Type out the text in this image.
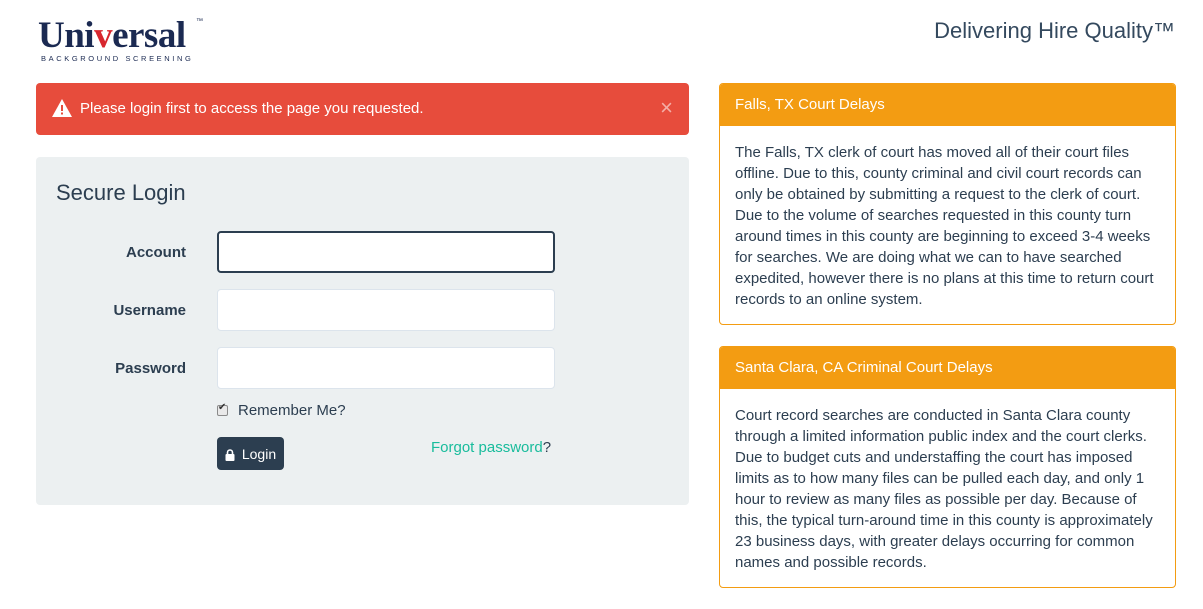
Universal ™
BACKGROUND SCREENING
Delivering Hire Quality™
Please login first to access the page you requested.	×
Secure Login
Account
Username
Password
✔
Remember Me?
Login	Forgot password?
Falls, TX Court Delays
The Falls, TX clerk of court has moved all of their court files offline. Due to this, county criminal and civil court records can only be obtained by submitting a request to the clerk of court. Due to the volume of searches requested in this county turn around times in this county are beginning to exceed 3-4 weeks for searches. We are doing what we can to have searched expedited, however there is no plans at this time to return court records to an online system.
Santa Clara, CA Criminal Court Delays
Court record searches are conducted in Santa Clara county through a limited information public index and the court clerks. Due to budget cuts and understaffing the court has imposed limits as to how many files can be pulled each day, and only 1 hour to review as many files as possible per day. Because of this, the typical turn-around time in this county is approximately 23 business days, with greater delays occurring for common names and possible records.
